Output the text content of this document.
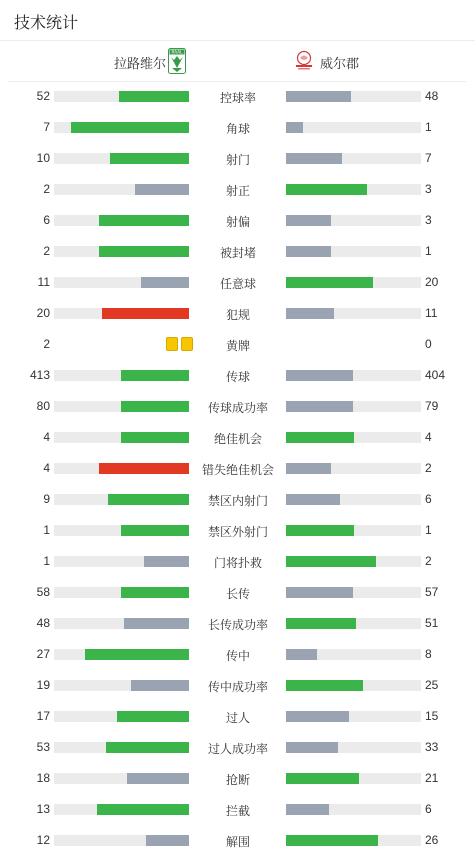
技术统计
拉路维尔
RAAL
威尔郡
52	控球率	48
7	角球	1
10	射门	7
2	射正	3
6	射偏	3
2	被封堵	1
11	任意球	20
20	犯规	11
2	黄牌	0
413	传球	404
80	传球成功率	79
4	绝佳机会	4
4	错失绝佳机会	2
9	禁区内射门	6
1	禁区外射门	1
1	门将扑救	2
58	长传	57
48	长传成功率	51
27	传中	8
19	传中成功率	25
17	过人	15
53	过人成功率	33
18	抢断	21
13	拦截	6
12	解围	26
